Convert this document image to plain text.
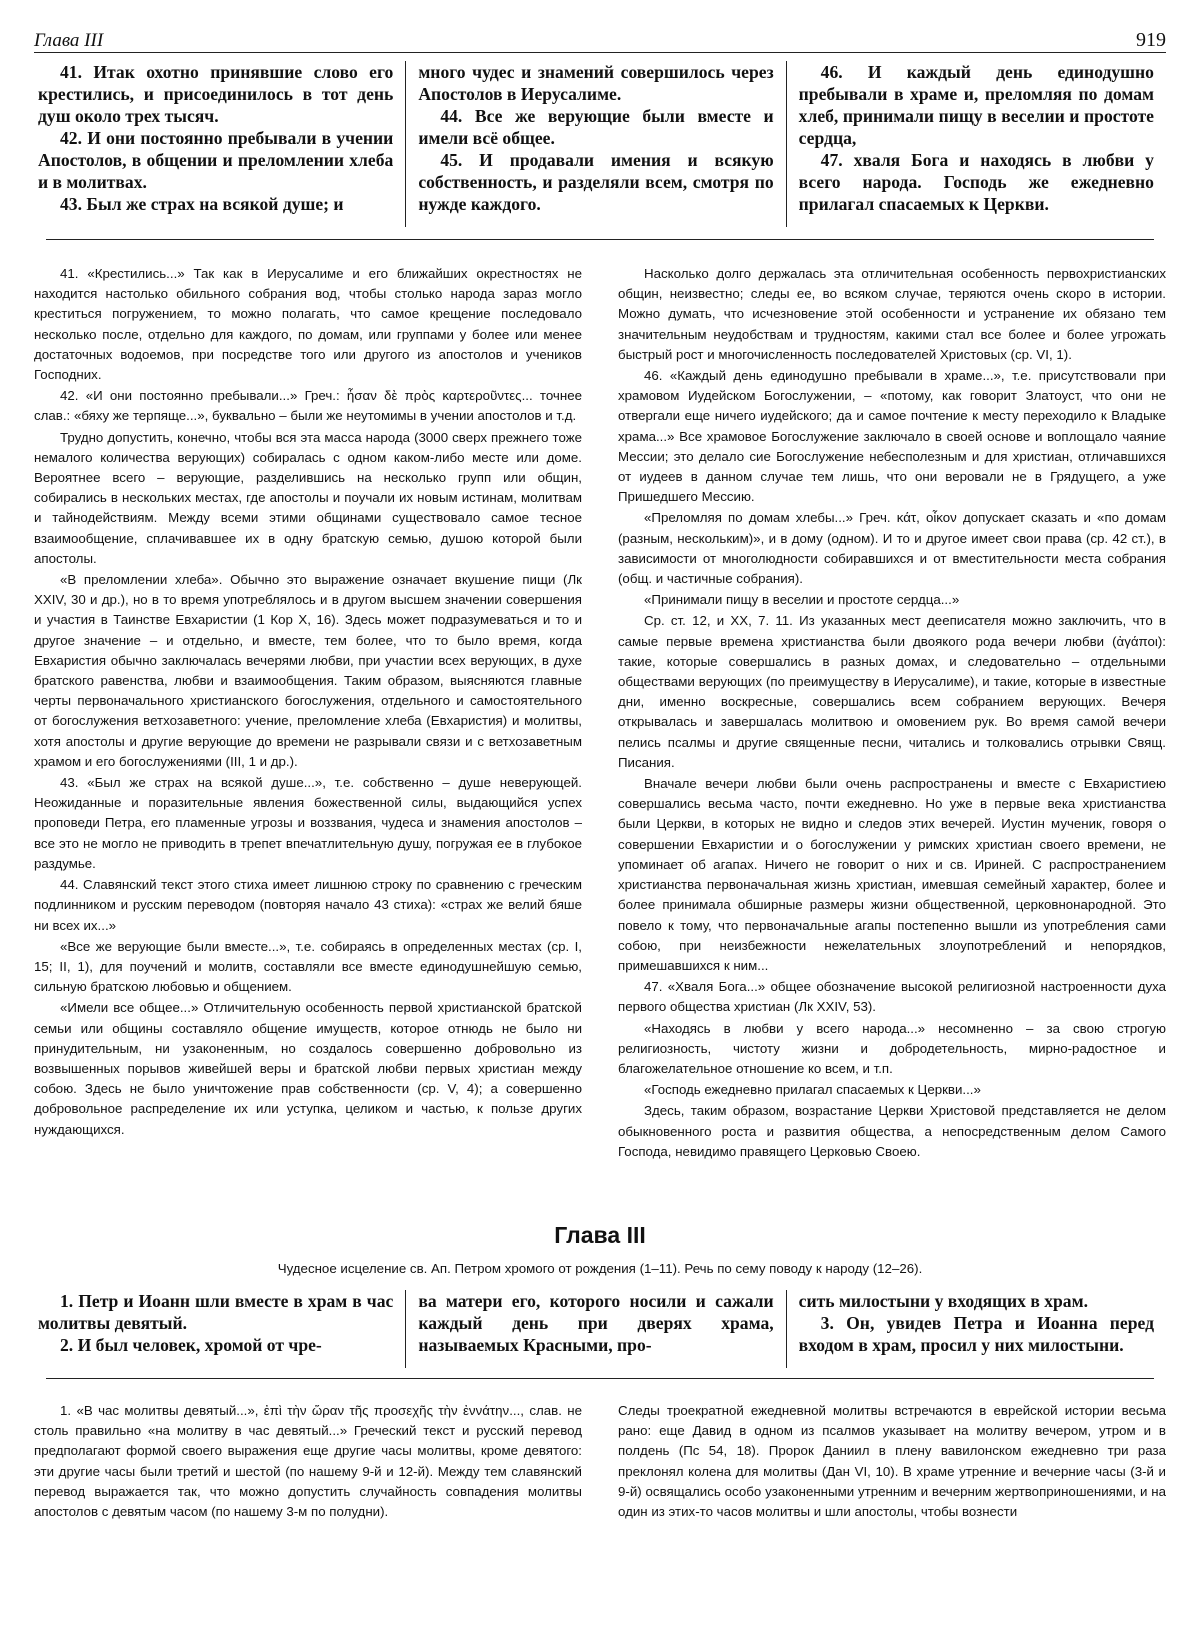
Глава III	919

41. Итак охотно принявшие слово его крестились, и присоединилось в тот день душ около трех тысяч.

42. И они постоянно пребывали в учении Апостолов, в общении и преломлении хлеба и в молитвах.

43. Был же страх на всякой душе; и

много чудес и знамений совершилось через Апостолов в Иерусалиме.

44. Все же верующие были вместе и имели всё общее.

45. И продавали имения и всякую собственность, и разделяли всем, смотря по нужде каждого.

46. И каждый день единодушно пребывали в храме и, преломляя по домам хлеб, принимали пищу в веселии и простоте сердца,

47. хваля Бога и находясь в любви у всего народа. Господь же ежедневно прилагал спасаемых к Церкви.

41. «Крестились...» Так как в Иерусалиме и его ближайших окрестностях не находится настолько обильного собрания вод, чтобы столько народа зараз могло креститься погружением, то можно полагать, что самое крещение последовало несколько после, отдельно для каждого, по домам, или группами у более или менее достаточных водоемов, при посредстве того или другого из апостолов и учеников Господних.

42. «И они постоянно пребывали...» Греч.: ἦσαν δὲ πρὸς καρτεροῦντες... точнее слав.: «бяху же терпяще...», буквально – были же неутомимы в учении апостолов и т.д.

Трудно допустить, конечно, чтобы вся эта масса народа (3000 сверх прежнего тоже немалого количества верующих) собиралась с одном каком-либо месте или доме. Вероятнее всего – верующие, разделившись на несколько групп или общин, собирались в нескольких местах, где апостолы и поучали их новым истинам, молитвам и тайнодействиям. Между всеми этими общинами существовало самое тесное взаимообщение, сплачивавшее их в одну братскую семью, душою которой были апостолы.

«В преломлении хлеба». Обычно это выражение означает вкушение пищи (Лк XXIV, 30 и др.), но в то время употреблялось и в другом высшем значении совершения и участия в Таинстве Евхаристии (1 Кор X, 16). Здесь может подразумеваться и то и другое значение – и отдельно, и вместе, тем более, что то было время, когда Евхаристия обычно заключалась вечерями любви, при участии всех верующих, в духе братского равенства, любви и взаимообщения. Таким образом, выясняются главные черты первоначального христианского богослужения, отдельного и самостоятельного от богослужения ветхозаветного: учение, преломление хлеба (Евхаристия) и молитвы, хотя апостолы и другие верующие до времени не разрывали связи и с ветхозаветным храмом и его богослужениями (III, 1 и др.).

43. «Был же страх на всякой душе...», т.е. собственно – душе неверующей. Неожиданные и поразительные явления божественной силы, выдающийся успех проповеди Петра, его пламенные угрозы и воззвания, чудеса и знамения апостолов – все это не могло не приводить в трепет впечатлительную душу, погружая ее в глубокое раздумье.

44. Славянский текст этого стиха имеет лишнюю строку по сравнению с греческим подлинником и русским переводом (повторяя начало 43 стиха): «страх же велий бяше ни всех их...»

«Все же верующие были вместе...», т.е. собираясь в определенных местах (ср. I, 15; II, 1), для поучений и молитв, составляли все вместе единодушнейшую семью, сильную братскою любовью и общением.

«Имели все общее...» Отличительную особенность первой христианской братской семьи или общины составляло общение имуществ, которое отнюдь не было ни принудительным, ни узаконенным, но создалось совершенно добровольно из возвышенных порывов живейшей веры и братской любви первых христиан между собою. Здесь не было уничтожение прав собственности (ср. V, 4); а совершенно добровольное распределение их или уступка, целиком и частью, к пользе других нуждающихся.

Насколько долго держалась эта отличительная особенность первохристианских общин, неизвестно; следы ее, во всяком случае, теряются очень скоро в истории. Можно думать, что исчезновение этой особенности и устранение их обязано тем значительным неудобствам и трудностям, какими стал все более и более угрожать быстрый рост и многочисленность последователей Христовых (ср. VI, 1).

46. «Каждый день единодушно пребывали в храме...», т.е. присутствовали при храмовом Иудейском Богослужении, – «потому, как говорит Златоуст, что они не отвергали еще ничего иудейского; да и самое почтение к месту переходило к Владыке храма...» Все храмовое Богослужение заключало в своей основе и воплощало чаяние Мессии; это делало сие Богослужение небесполезным и для христиан, отличавшихся от иудеев в данном случае тем лишь, что они веровали не в Грядущего, а уже Пришедшего Мессию.

«Преломляя по домам хлебы...» Греч. κάτ, οἶκον допускает сказать и «по домам (разным, нескольким)», и в дому (одном). И то и другое имеет свои права (ср. 42 ст.), в зависимости от многолюдности собиравшихся и от вместительности места собрания (общ. и частичные собрания).

«Принимали пищу в веселии и простоте сердца...»

Ср. ст. 12, и XX, 7. 11. Из указанных мест дееписателя можно заключить, что в самые первые времена христианства были двоякого рода вечери любви (ἀγάποι): такие, которые совершались в разных домах, и следовательно – отдельными обществами верующих (по преимуществу в Иерусалиме), и такие, которые в известные дни, именно воскресные, совершались всем собранием верующих. Вечеря открывалась и завершалась молитвою и омовением рук. Во время самой вечери пелись псалмы и другие священные песни, читались и толковались отрывки Свящ. Писания.

Вначале вечери любви были очень распространены и вместе с Евхаристиею совершались весьма часто, почти ежедневно. Но уже в первые века христианства были Церкви, в которых не видно и следов этих вечерей. Иустин мученик, говоря о совершении Евхаристии и о богослужении у римских христиан своего времени, не упоминает об агапах. Ничего не говорит о них и св. Ириней. С распространением христианства первоначальная жизнь христиан, имевшая семейный характер, более и более принимала обширные размеры жизни общественной, церковнонародной. Это повело к тому, что первоначальные агапы постепенно вышли из употребления сами собою, при неизбежности нежелательных злоупотреблений и непорядков, примешавшихся к ним...

47. «Хваля Бога...» общее обозначение высокой религиозной настроенности духа первого общества христиан (Лк XXIV, 53).

«Находясь в любви у всего народа...» несомненно – за свою строгую религиозность, чистоту жизни и добродетельность, мирно-радостное и благожелательное отношение ко всем, и т.п.

«Господь ежедневно прилагал спасаемых к Церкви...»

Здесь, таким образом, возрастание Церкви Христовой представляется не делом обыкновенного роста и развития общества, а непосредственным делом Самого Господа, невидимо правящего Церковью Своею.

Глава III
Чудесное исцеление св. Ап. Петром хромого от рождения (1–11). Речь по сему поводу к народу (12–26).

1. Петр и Иоанн шли вместе в храм в час молитвы девятый.

2. И был человек, хромой от чре-

ва матери его, которого носили и сажали каждый день при дверях храма, называемых Красными, про-

сить милостыни у входящих в храм.

3. Он, увидев Петра и Иоанна перед входом в храм, просил у них милостыни.

1. «В час молитвы девятый...», ἐπὶ τὴν ὥραν τῆς προσεχῆς τὴν ἐννάτην..., слав. не столь правильно «на молитву в час девятый...» Греческий текст и русский перевод предполагают формой своего выражения еще другие часы молитвы, кроме девятого: эти другие часы были третий и шестой (по нашему 9-й и 12-й). Между тем славянский перевод выражается так, что можно допустить случайность совпадения молитвы апостолов с девятым часом (по нашему 3-м по полудни).

Следы троекратной ежедневной молитвы встречаются в еврейской истории весьма рано: еще Давид в одном из псалмов указывает на молитву вечером, утром и в полдень (Пс 54, 18). Пророк Даниил в плену вавилонском ежедневно три раза преклонял колена для молитвы (Дан VI, 10). В храме утренние и вечерние часы (3-й и 9-й) освящались особо узаконенными утренним и вечерним жертвоприношениями, и на один из этих-то часов молитвы и шли апостолы, чтобы вознести
